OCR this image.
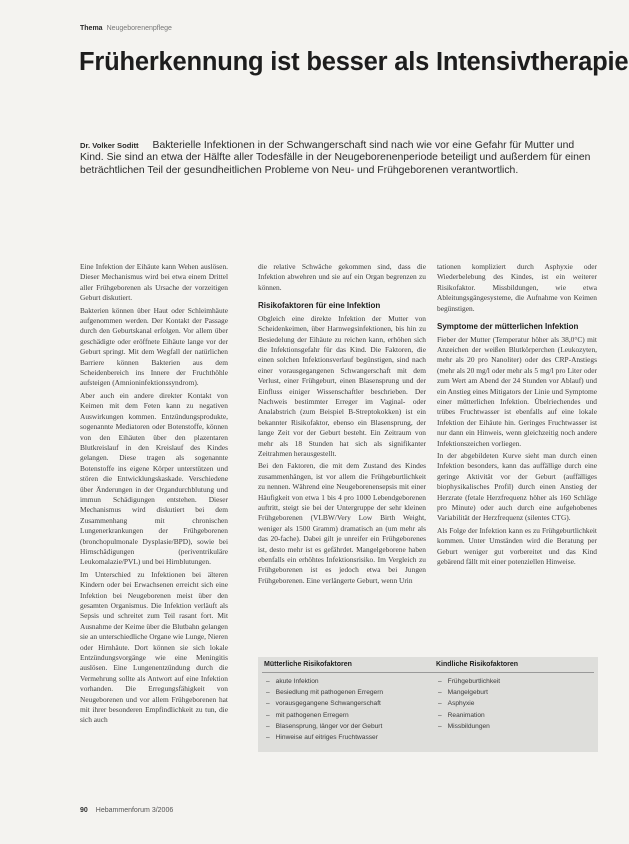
Thema Neugeborenenpflege
Früherkennung ist besser als Intensivtherapie
Dr. Volker Soditt Bakterielle Infektionen in der Schwangerschaft sind nach wie vor eine Gefahr für Mutter und Kind. Sie sind an etwa der Hälfte aller Todesfälle in der Neugeborenenperiode beteiligt und außerdem für einen beträchtlichen Teil der gesundheitlichen Probleme von Neu- und Frühgeborenen verantwortlich.

Eine Infektion der Eihäute kann Wehen auslösen. Dieser Mechanismus wird bei etwa einem Drittel aller Frühgeborenen als Ursache der vorzeitigen Geburt diskutiert.

Bakterien können über Haut oder Schleimhäute aufgenommen werden. Der Kontakt der Passage durch den Geburtskanal erfolgen. Vor allem über geschädigte oder eröffnete Eihäute lange vor der Geburt springt. Mit dem Wegfall der natürlichen Barriere können Bakterien aus dem Scheidenbereich ins Innere der Fruchthöhle aufsteigen (Amnioninfektionssyndrom).

Aber auch ein andere direkter Kontakt von Keimen mit dem Feten kann zu negativen Auswirkungen kommen. Entzündungsprodukte, sogenannte Mediatoren oder Botenstoffe, können von den Eihäuten über den plazentaren Blutkreislauf in den Kreislauf des Kindes gelangen. Diese tragen als sogenannte Botenstoffe ins eigene Körper unterstützen und stören die Entwicklungskaskade. Verschiedene über Änderungen in der Organdurchblutung und immun Schädigungen entstehen. Dieser Mechanismus wird diskutiert bei dem Zusammenhang mit chronischen Lungenerkrankungen der Frühgeborenen (bronchopulmonale Dysplasie/BPD), sowie bei Hirnschädigungen (periventrikuläre Leukomalazie/PVL) und bei Hirnblutungen.

Im Unterschied zu Infektionen bei älteren Kindern oder bei Erwachsenen erreicht sich eine Infektion bei Neugeborenen meist über den gesamten Organismus. Die Infektion verläuft als Sepsis und schreitet zum Teil rasant fort. Mit Ausnahme der Keime über die Blutbahn gelangen sie an unterschiedliche Organe wie Lunge, Nieren oder Hirnhäute. Dort können sie sich lokale Entzündungsvorgänge wie eine Meningitis auslösen. Eine Lungenentzündung durch die Vermehrung sollte als Antwort auf eine Infektion vorhanden. Die Erregungsfähigkeit von Neugeborenen und vor allem Frühgeborenen hat mit ihrer besonderen Empfindlichkeit zu tun, die sich auch

die relative Schwäche gekommen sind, dass die Infektion abwehren und sie auf ein Organ begrenzen zu können.

Risikofaktoren für eine Infektion

Obgleich eine direkte Infektion der Mutter von Scheidenkeimen, über Harnwegsinfektionen, bis hin zu Besiedelung der Eihäute zu reichen kann, erhöhen sich die Infektionsgefahr für das Kind. Die Faktoren, die einen solchen Infektionsverlauf begünstigen, sind nach einer vorausgegangenen Schwangerschaft mit dem Verlust, einer Frühgeburt, einen Blasensprung und der Einfluss einiger Wissenschaftler beschrieben. Der Nachweis bestimmter Erreger im Vaginal- oder Analabstrich (zum Beispiel B-Streptokokken) ist ein bekannter Risikofaktor, ebenso ein Blasensprung, der lange Zeit vor der Geburt besteht. Ein Zeitraum von mehr als 18 Stunden hat sich als signifikanter Zeitrahmen herausgestellt.

Bei den Faktoren, die mit dem Zustand des Kindes zusammenhängen, ist vor allem die Frühgeburtlichkeit zu nennen. Während eine Neugeborenensepsis mit einer Häufigkeit von etwa 1 bis 4 pro 1000 Lebendgeborenen auftritt, steigt sie bei der Untergruppe der sehr kleinen Frühgeborenen (VLBW/Very Low Birth Weight, weniger als 1500 Gramm) dramatisch an (um mehr als das 20-fache). Dabei gilt je unreifer ein Frühgeborenes ist, desto mehr ist es gefährdet. Mangelgeborene haben ebenfalls ein erhöhtes Infektionsrisiko. Im Vergleich zu Frühgeborenen ist es jedoch etwa bei Jungen Frühgeborenen. Eine verlängerte Geburt, wenn Urin

tationen kompliziert durch Asphyxie oder Wiederbelebung des Kindes, ist ein weiterer Risikofaktor. Missbildungen, wie etwa Ableitungsgängesysteme, die Aufnahme von Keimen begünstigen.

Symptome der mütterlichen Infektion

Fieber der Mutter (Temperatur höher als 38,0°C) mit Anzeichen der weißen Blutkörperchen (Leukozyten, mehr als 20 pro Nanoliter) oder des CRP-Anstiegs (mehr als 20 mg/l oder mehr als 5 mg/l pro Liter oder zum Wert am Abend der 24 Stunden vor Ablauf) und ein Anstieg eines Mitigators der Linie und Symptome einer mütterlichen Infektion. Übelriechendes und trübes Fruchtwasser ist ebenfalls auf eine lokale Infektion der Eihäute hin. Geringes Fruchtwasser ist nur dann ein Hinweis, wenn gleichzeitig noch andere Infektionszeichen vorliegen.

In der abgebildeten Kurve sieht man durch einen Infektion besonders, kann das auffällige durch eine geringe Aktivität vor der Geburt (auffälliges biophysikalisches Profil) durch einen Anstieg der Herzrate (fetale Herzfrequenz höher als 160 Schläge pro Minute) oder auch durch eine aufgehobenes Variabilität der Herzfrequenz (silentes CTG).

Als Folge der Infektion kann es zu Frühgeburtlichkeit kommen. Unter Umständen wird die Beratung per Geburt weniger gut vorbereitet und das Kind gebärend fällt mit einer potenziellen Hinweise.

Mütterliche Risikofaktoren	Kindliche Risikofaktoren
– akute Infektion
– Besiedlung mit pathogenen Erregern
– vorausgegangene Schwangerschaft
– mit pathogenen Erregern
– Blasensprung, länger vor der Geburt
– Hinweise auf eitriges Fruchtwasser
– Frühgeburtlichkeit
– Mangelgeburt
– Asphyxie
– Reanimation
– Missbildungen
90 Hebammenforum 3/2006
